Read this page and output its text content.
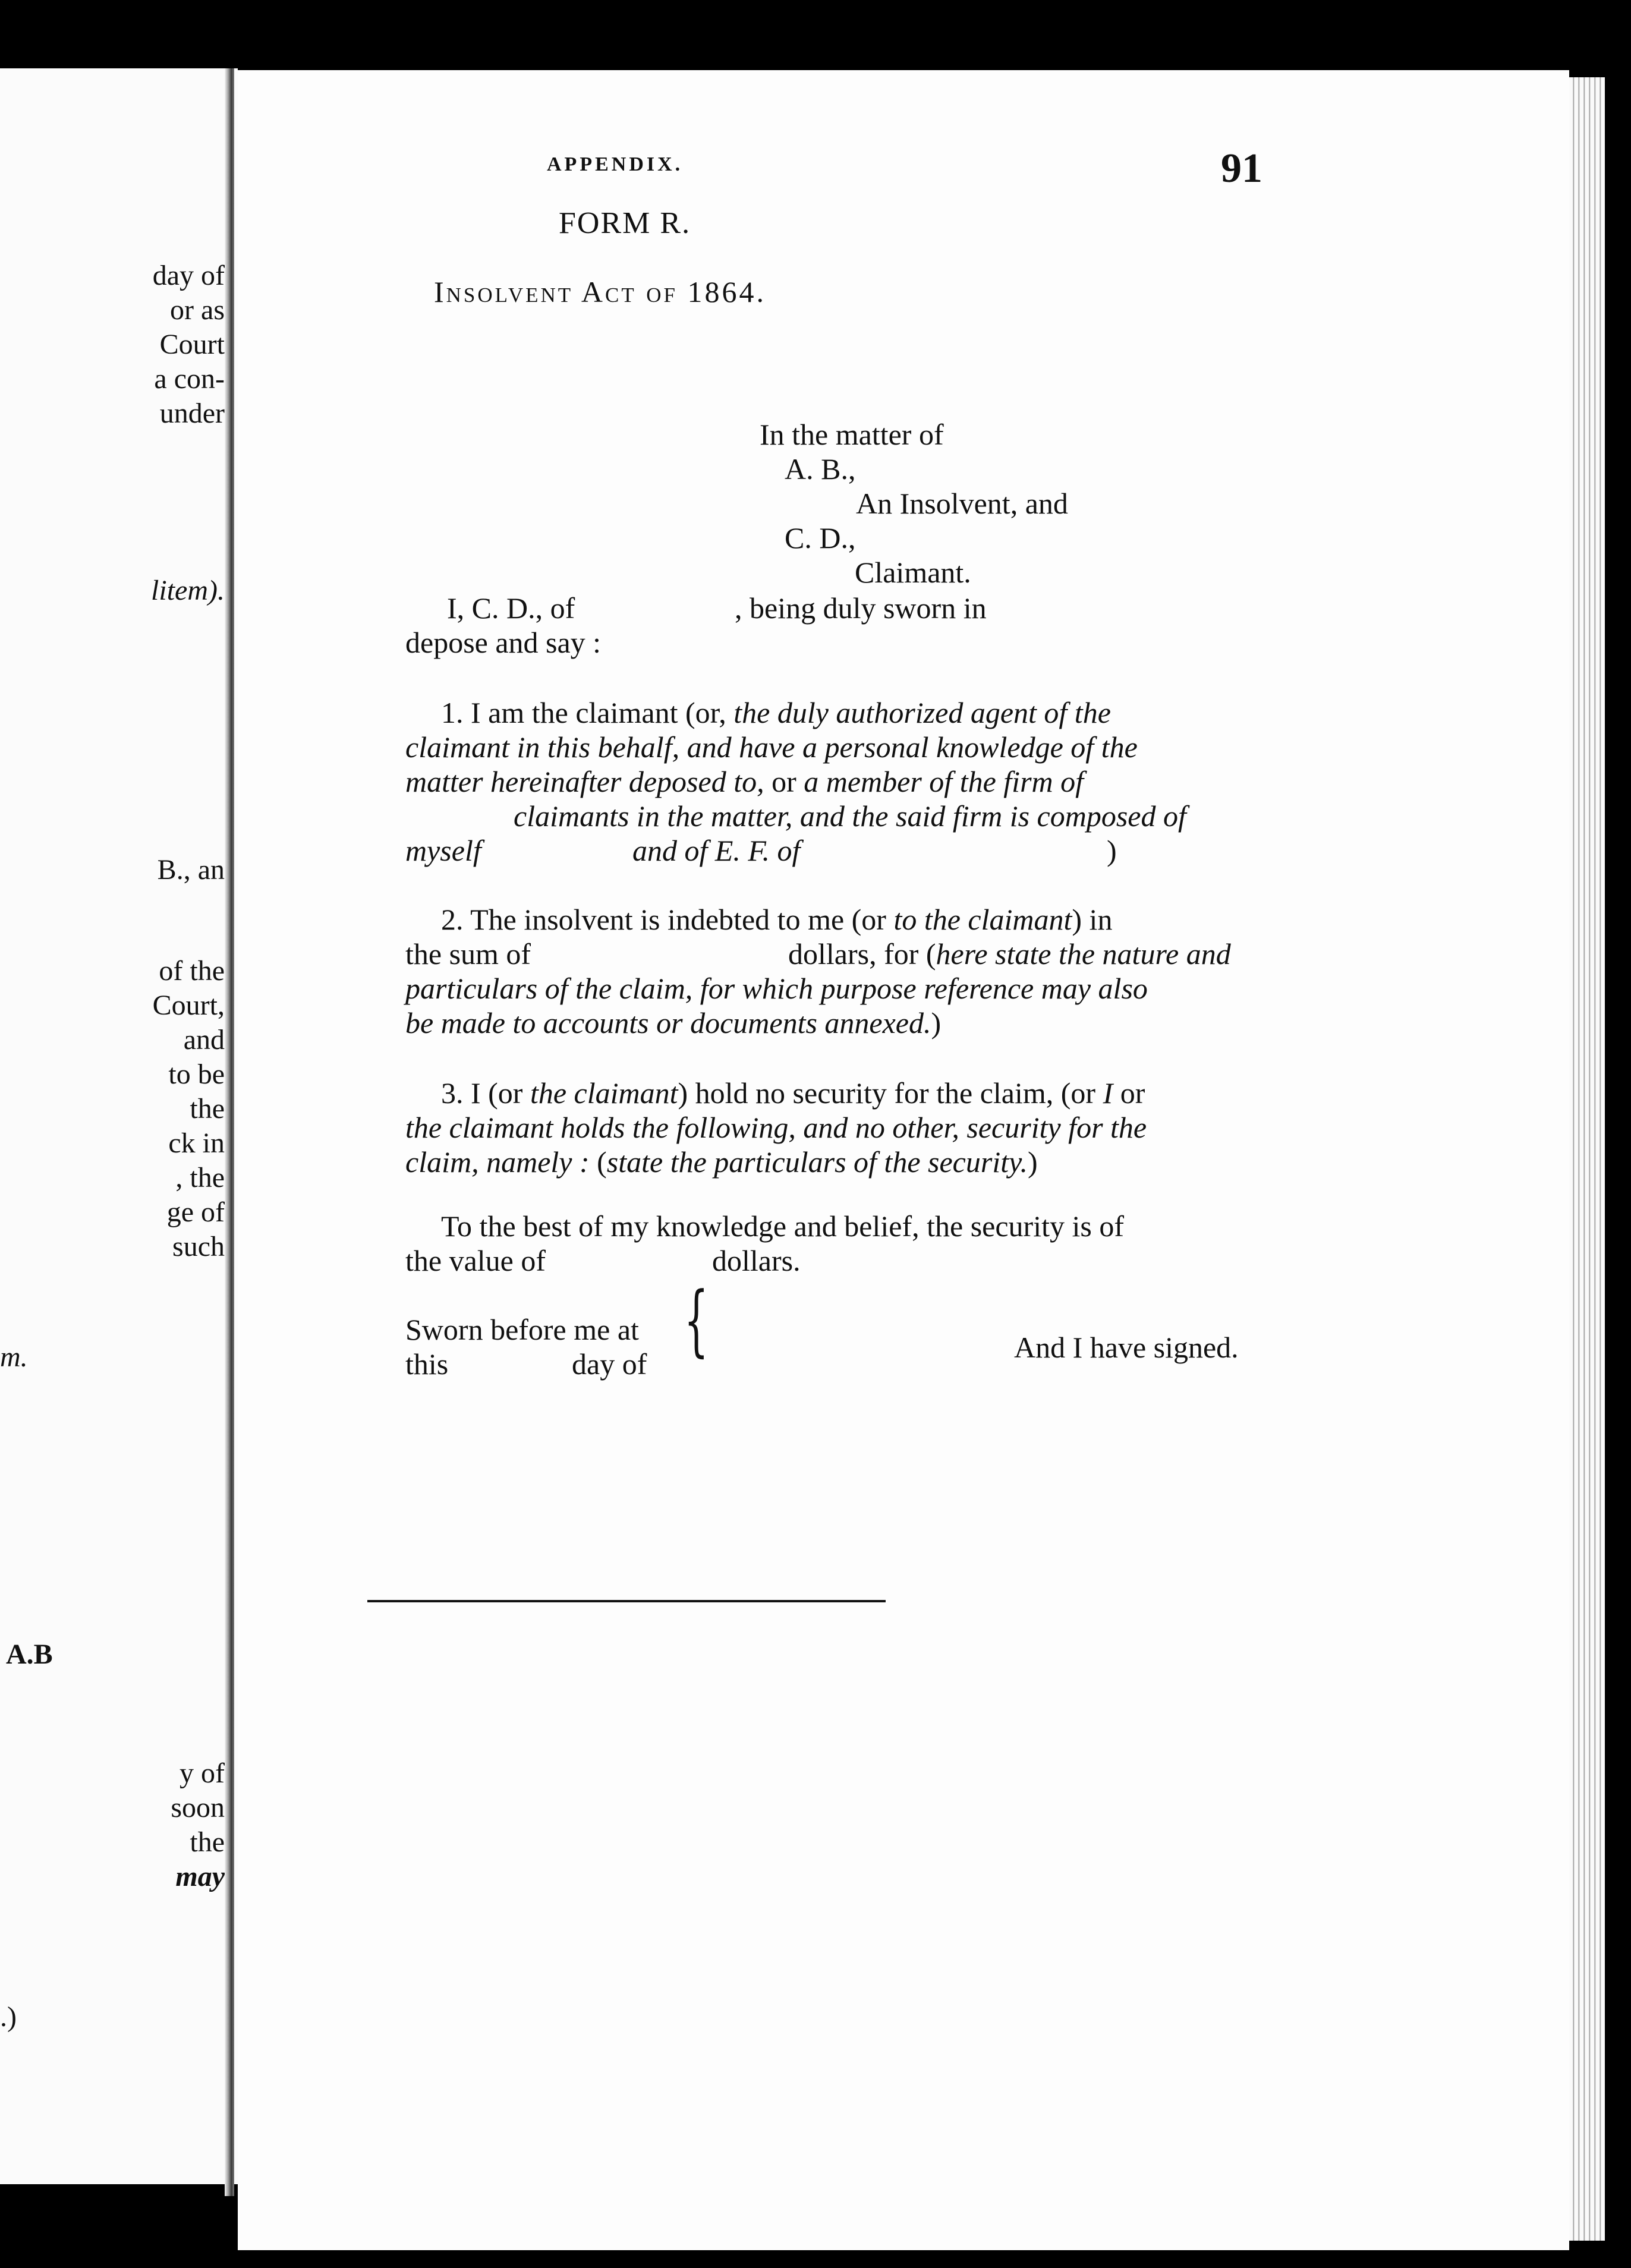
day of
or as
Court
a con-
under
litem).
B., an
of the
Court,
and
to be
the
ck in
, the
ge of
such
m.
A.B
y of
soon
the
may
.)
APPENDIX.	91
FORM R.
Insolvent Act of 1864.
In the matter of
A. B.,
An Insolvent, and
C. D.,
Claimant.
I, C. D., of	, being duly sworn in
depose and say :
1. I am the claimant (or, the duly authorized agent of the
claimant in this behalf, and have a personal knowledge of the
matter hereinafter deposed to, or a member of the firm of
claimants in the matter, and the said firm is composed of
myself	and of E. F. of	)
2. The insolvent is indebted to me (or to the claimant) in
the sum of	dollars, for (here state the nature and
particulars of the claim, for which purpose reference may also
be made to accounts or documents annexed.)
3. I (or the claimant) hold no security for the claim, (or I or
the claimant holds the following, and no other, security for the
claim, namely : (state the particulars of the security.)
To the best of my knowledge and belief, the security is of
the value of	dollars.
Sworn before me at
this	day of {	And I have signed.
